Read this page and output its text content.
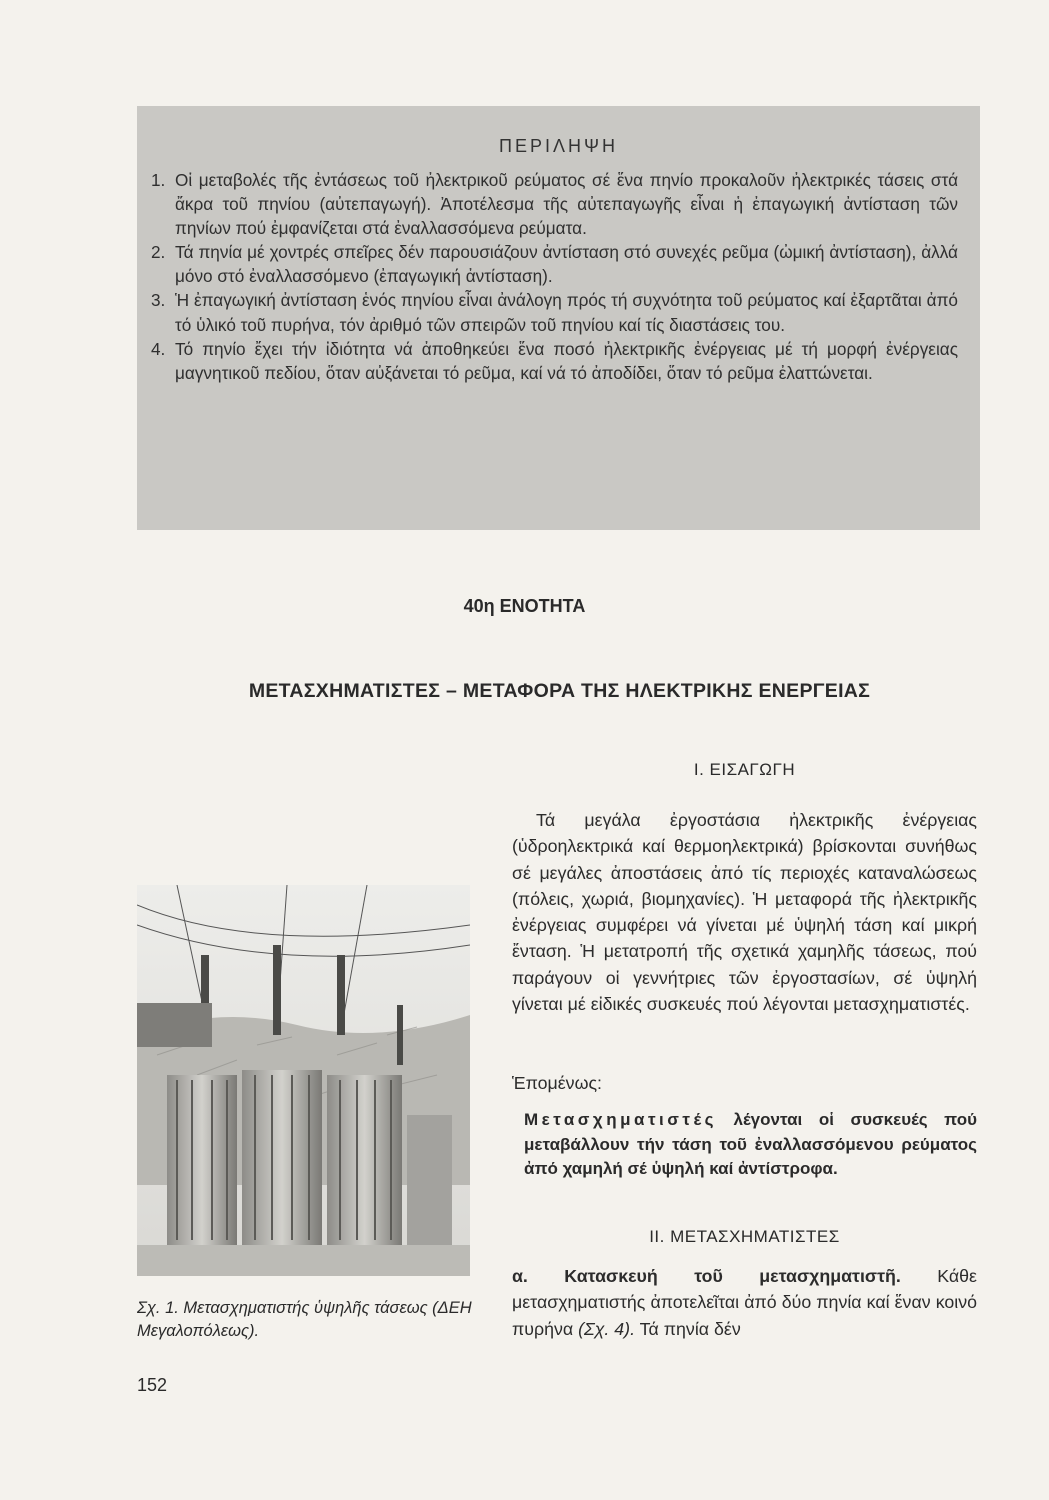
ΠΕΡΙΛΗΨΗ
1. Οἱ μεταβολές τῆς ἐντάσεως τοῦ ἠλεκτρικοῦ ρεύματος σέ ἕνα πηνίο προκαλοῦν ἠλεκτρικές τάσεις στά ἄκρα τοῦ πηνίου (αὐτεπαγωγή). Ἀποτέλεσμα τῆς αὐτεπαγωγῆς εἶναι ἡ ἐπαγωγική ἀντίσταση τῶν πηνίων πού ἐμφανίζεται στά ἐναλλασσόμενα ρεύματα.
2. Τά πηνία μέ χοντρές σπεῖρες δέν παρουσιάζουν ἀντίσταση στό συνεχές ρεῦμα (ὠμική ἀντίσταση), ἀλλά μόνο στό ἐναλλασσόμενο (ἐπαγωγική ἀντίσταση).
3. Ἡ ἐπαγωγική ἀντίσταση ἑνός πηνίου εἶναι ἀνάλογη πρός τή συχνότητα τοῦ ρεύματος καί ἐξαρτᾶται ἀπό τό ὑλικό τοῦ πυρήνα, τόν ἀριθμό τῶν σπειρῶν τοῦ πηνίου καί τίς διαστάσεις του.
4. Τό πηνίο ἔχει τήν ἰδιότητα νά ἀποθηκεύει ἕνα ποσό ἠλεκτρικῆς ἐνέργειας μέ τή μορφή ἐνέργειας μαγνητικοῦ πεδίου, ὅταν αὐξάνεται τό ρεῦμα, καί νά τό ἀποδίδει, ὅταν τό ρεῦμα ἐλαττώνεται.
40η ΕΝΟΤΗΤΑ
ΜΕΤΑΣΧΗΜΑΤΙΣΤΕΣ – ΜΕΤΑΦΟΡΑ ΤΗΣ ΗΛΕΚΤΡΙΚΗΣ ΕΝΕΡΓΕΙΑΣ
Ι. ΕΙΣΑΓΩΓΗ
Τά μεγάλα ἐργοστάσια ἠλεκτρικῆς ἐνέργειας (ὑδροηλεκτρικά καί θερμοηλεκτρικά) βρίσκονται συνήθως σέ μεγάλες ἀποστάσεις ἀπό τίς περιοχές καταναλώσεως (πόλεις, χωριά, βιομηχανίες). Ἡ μεταφορά τῆς ἠλεκτρικῆς ἐνέργειας συμφέρει νά γίνεται μέ ὑψηλή τάση καί μικρή ἔνταση. Ἡ μετατροπή τῆς σχετικά χαμηλῆς τάσεως, πού παράγουν οἱ γεννήτριες τῶν ἐργοστασίων, σέ ὑψηλή γίνεται μέ εἰδικές συσκευές πού λέγονται μετασχηματιστές.
Ἑπομένως:
Μετασχηματιστές λέγονται οἱ συσκευές πού μεταβάλλουν τήν τάση τοῦ ἐναλλασσόμενου ρεύματος ἀπό χαμηλή σέ ὑψηλή καί ἀντίστροφα.
ΙΙ. ΜΕΤΑΣΧΗΜΑΤΙΣΤΕΣ
α. Κατασκευή τοῦ μετασχηματιστῆ. Κάθε μετασχηματιστής ἀποτελεῖται ἀπό δύο πηνία καί ἕναν κοινό πυρήνα (Σχ. 4). Τά πηνία δέν
Σχ. 1. Μετασχηματιστής ὑψηλῆς τάσεως (ΔΕΗ Μεγαλοπόλεως).
152
